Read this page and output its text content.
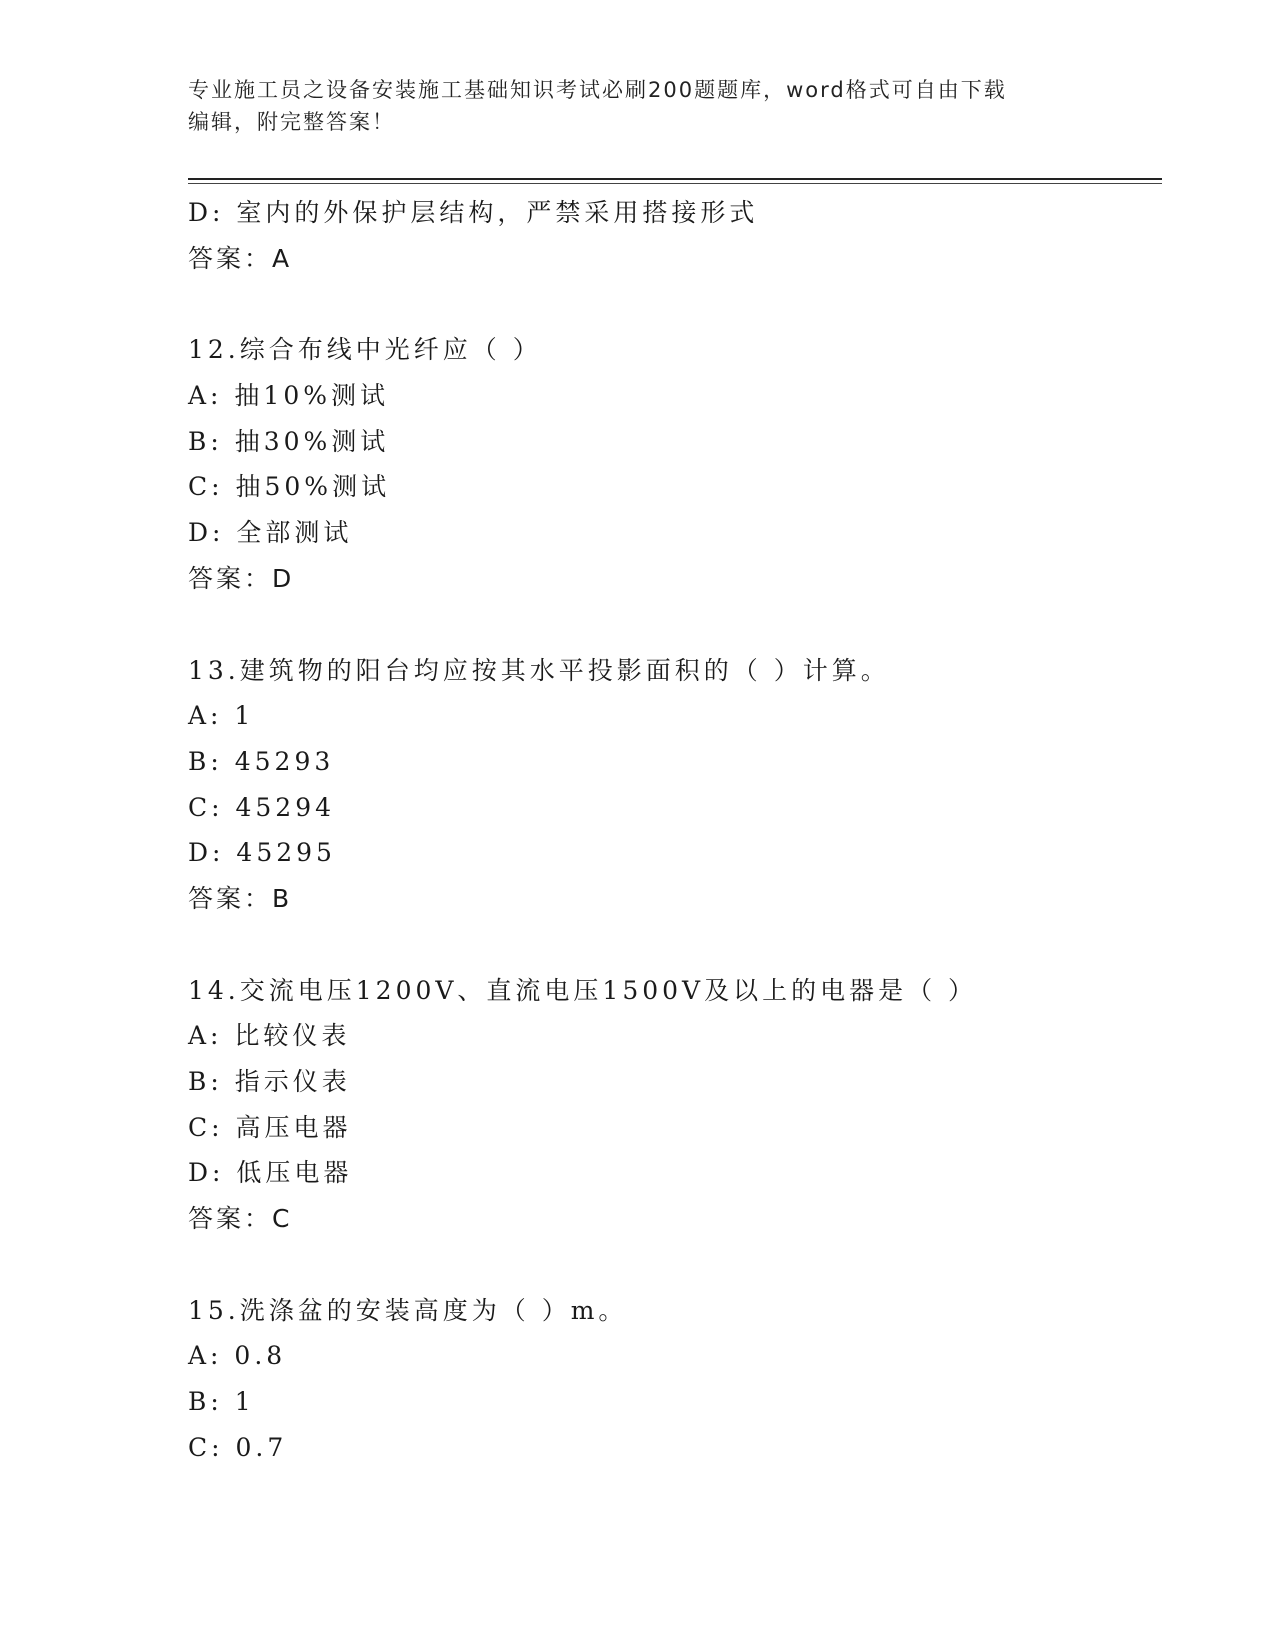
专业施工员之设备安装施工基础知识考试必刷200题题库，word格式可自由下载
编辑，附完整答案！
D: 室内的外保护层结构，严禁采用搭接形式
答案：A
12.综合布线中光纤应（ ）
A: 抽10%测试
B: 抽30%测试
C: 抽50%测试
D: 全部测试
答案：D
13.建筑物的阳台均应按其水平投影面积的（ ）计算。
A: 1
B: 45293
C: 45294
D: 45295
答案：B
14.交流电压1200V、直流电压1500V及以上的电器是（ ）
A: 比较仪表
B: 指示仪表
C: 高压电器
D: 低压电器
答案：C
15.洗涤盆的安装高度为（ ）m。
A: 0.8
B: 1
C: 0.7
